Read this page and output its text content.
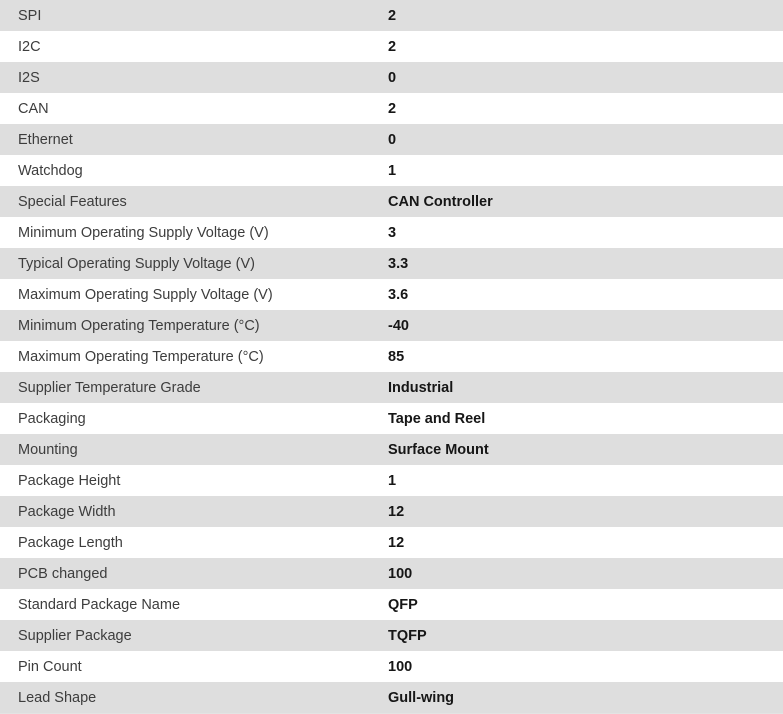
SPI	2
I2C	2
I2S	0
CAN	2
Ethernet	0
Watchdog	1
Special Features	CAN Controller
Minimum Operating Supply Voltage (V)	3
Typical Operating Supply Voltage (V)	3.3
Maximum Operating Supply Voltage (V)	3.6
Minimum Operating Temperature (°C)	-40
Maximum Operating Temperature (°C)	85
Supplier Temperature Grade	Industrial
Packaging	Tape and Reel
Mounting	Surface Mount
Package Height	1
Package Width	12
Package Length	12
PCB changed	100
Standard Package Name	QFP
Supplier Package	TQFP
Pin Count	100
Lead Shape	Gull-wing
